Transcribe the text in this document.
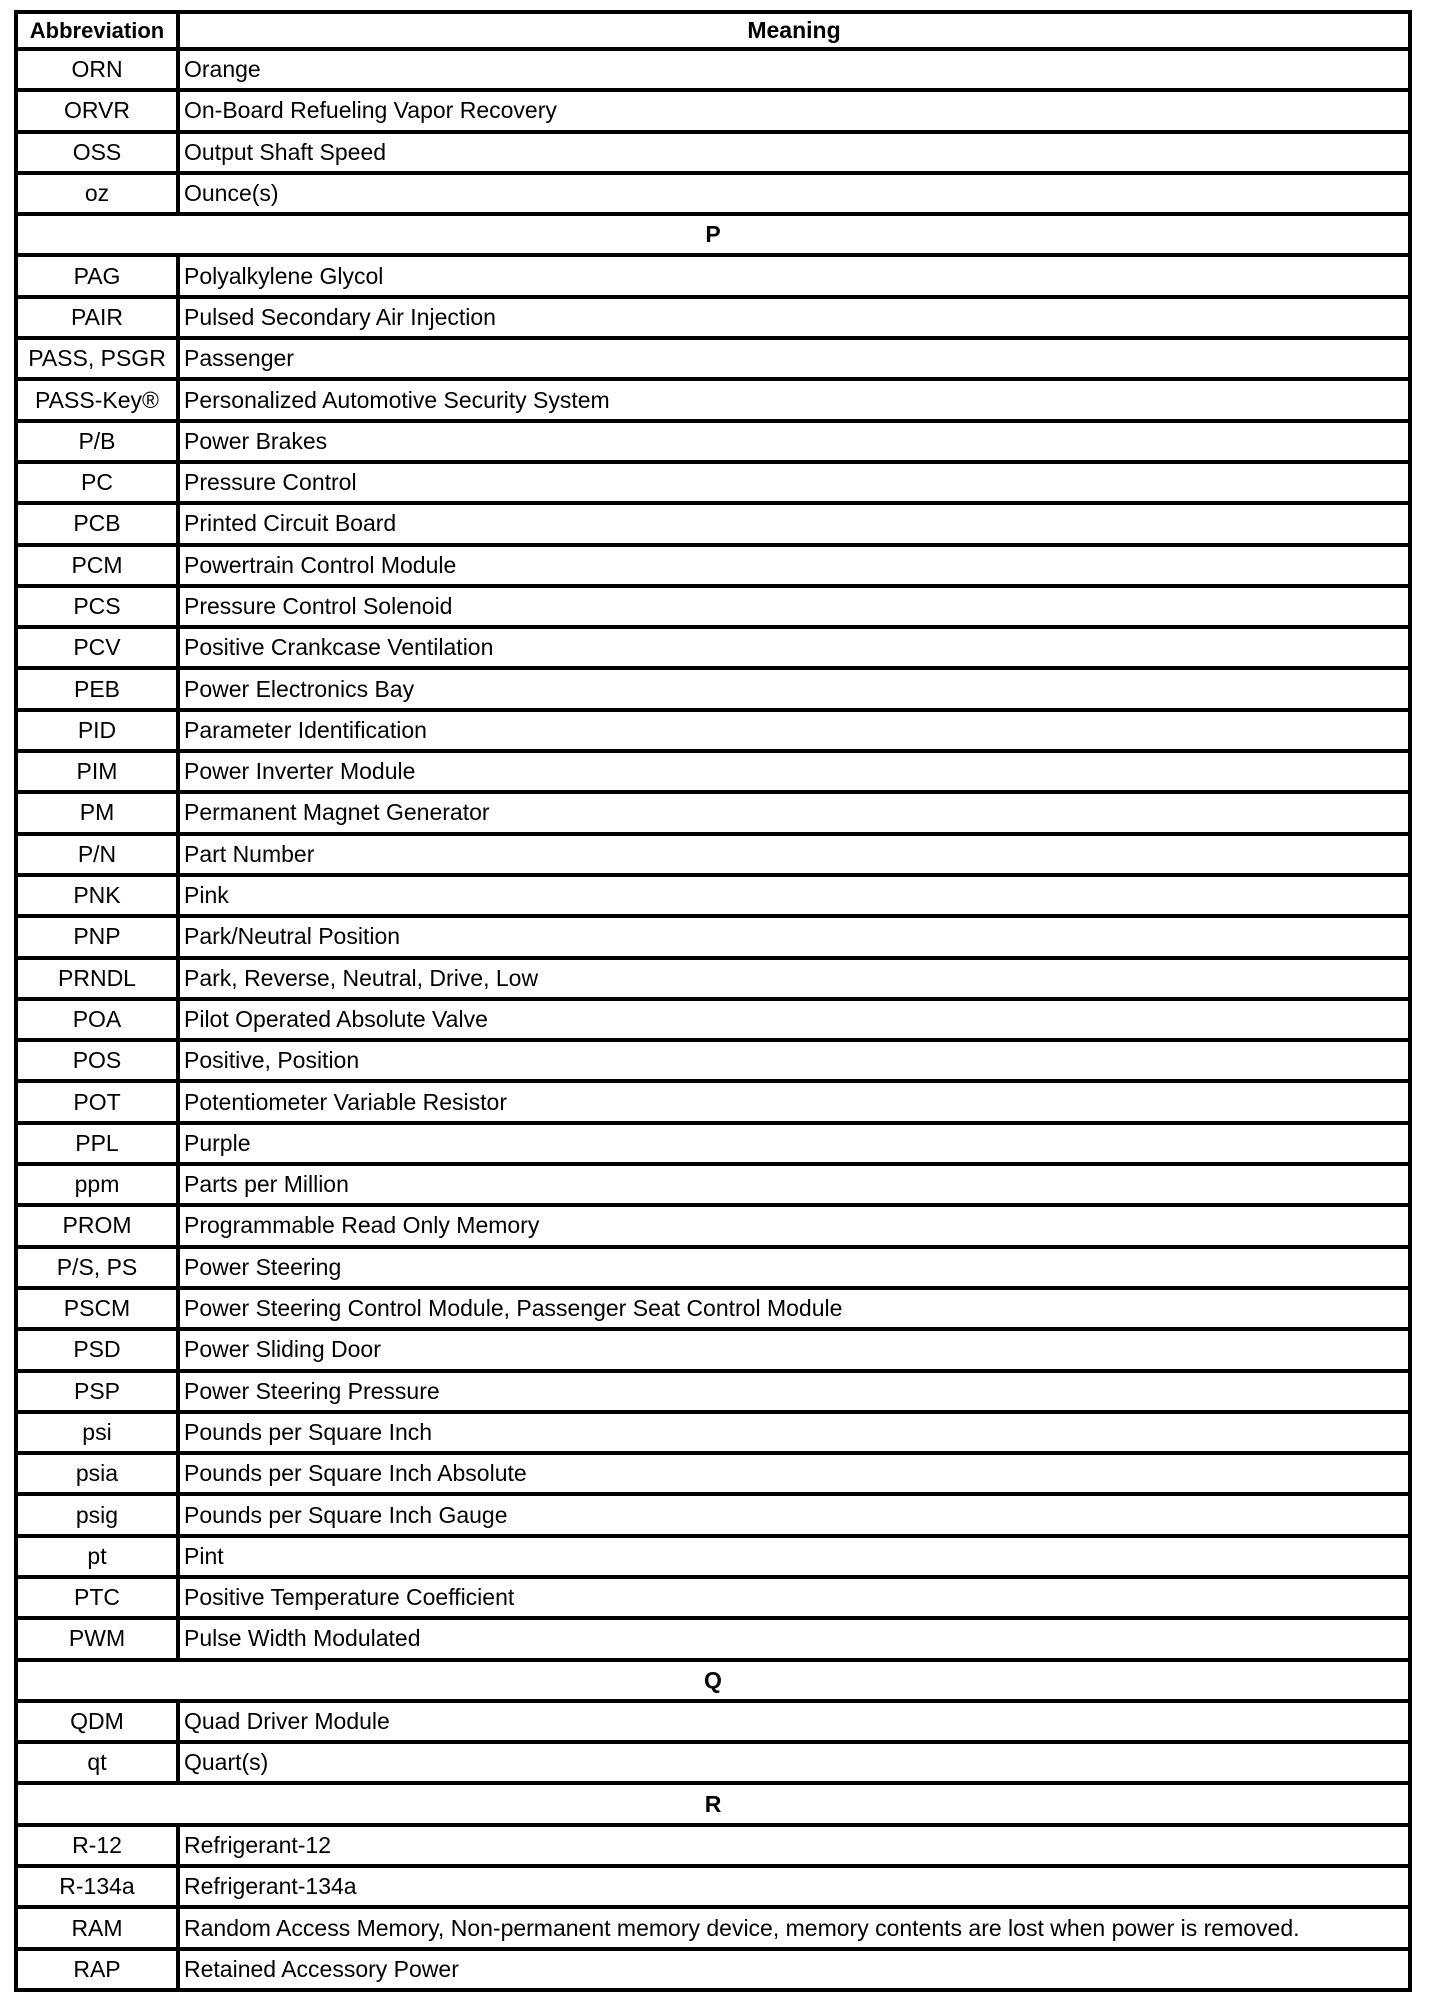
Abbreviation	Meaning
ORN	Orange
ORVR	On-Board Refueling Vapor Recovery
OSS	Output Shaft Speed
oz	Ounce(s)
P	
PAG	Polyalkylene Glycol
PAIR	Pulsed Secondary Air Injection
PASS, PSGR	Passenger
PASS-Key®	Personalized Automotive Security System
P/B	Power Brakes
PC	Pressure Control
PCB	Printed Circuit Board
PCM	Powertrain Control Module
PCS	Pressure Control Solenoid
PCV	Positive Crankcase Ventilation
PEB	Power Electronics Bay
PID	Parameter Identification
PIM	Power Inverter Module
PM	Permanent Magnet Generator
P/N	Part Number
PNK	Pink
PNP	Park/Neutral Position
PRNDL	Park, Reverse, Neutral, Drive, Low
POA	Pilot Operated Absolute Valve
POS	Positive, Position
POT	Potentiometer Variable Resistor
PPL	Purple
ppm	Parts per Million
PROM	Programmable Read Only Memory
P/S, PS	Power Steering
PSCM	Power Steering Control Module, Passenger Seat Control Module
PSD	Power Sliding Door
PSP	Power Steering Pressure
psi	Pounds per Square Inch
psia	Pounds per Square Inch Absolute
psig	Pounds per Square Inch Gauge
pt	Pint
PTC	Positive Temperature Coefficient
PWM	Pulse Width Modulated
Q	
QDM	Quad Driver Module
qt	Quart(s)
R	
R-12	Refrigerant-12
R-134a	Refrigerant-134a
RAM	Random Access Memory, Non-permanent memory device, memory contents are lost when power is removed.
RAP	Retained Accessory Power
